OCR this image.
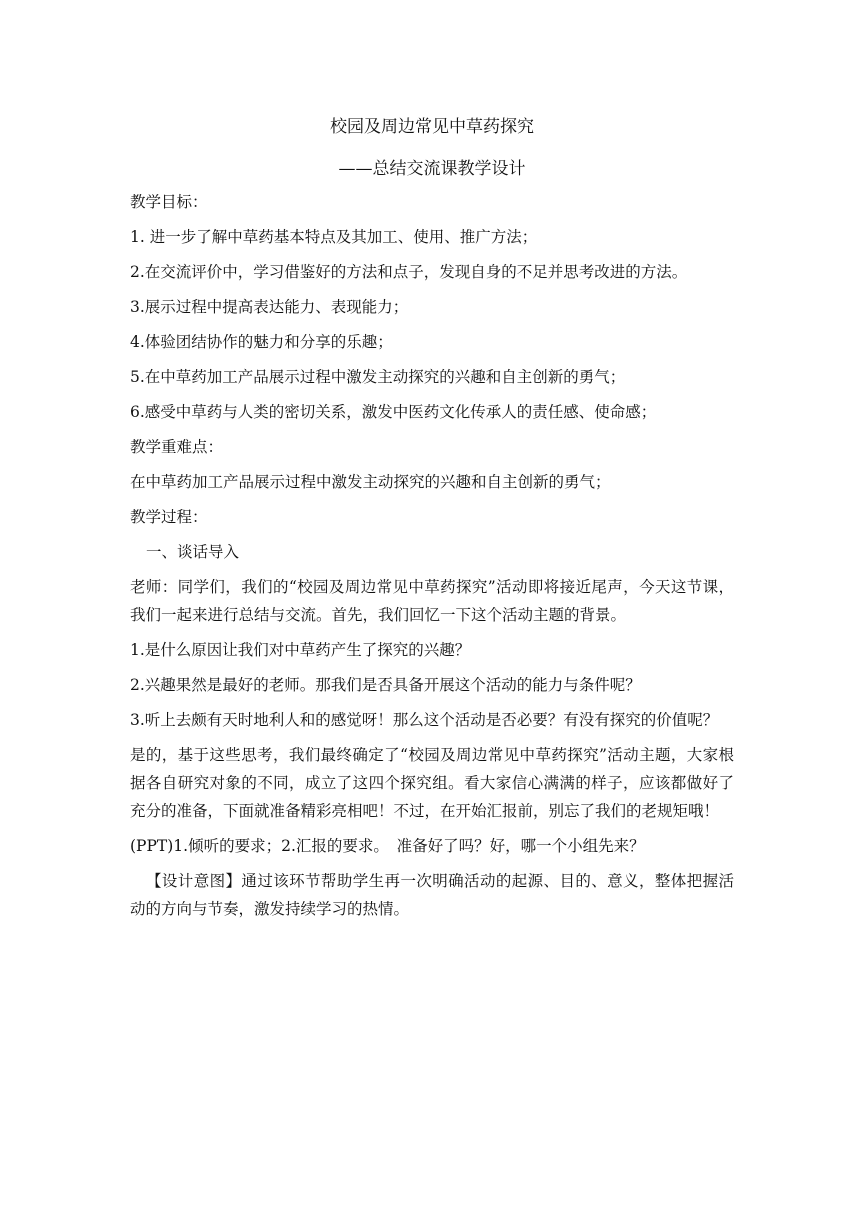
校园及周边常见中草药探究
——总结交流课教学设计

教学目标：

1. 进一步了解中草药基本特点及其加工、使用、推广方法；

2.在交流评价中，学习借鉴好的方法和点子，发现自身的不足并思考改进的方法。

3.展示过程中提高表达能力、表现能力；

4.体验团结协作的魅力和分享的乐趣；

5.在中草药加工产品展示过程中激发主动探究的兴趣和自主创新的勇气；

6.感受中草药与人类的密切关系，激发中医药文化传承人的责任感、使命感；

教学重难点：

在中草药加工产品展示过程中激发主动探究的兴趣和自主创新的勇气；

教学过程：

一、谈话导入

老师：同学们，我们的“校园及周边常见中草药探究”活动即将接近尾声，今天这节课，我们一起来进行总结与交流。首先，我们回忆一下这个活动主题的背景。

1.是什么原因让我们对中草药产生了探究的兴趣？

2.兴趣果然是最好的老师。那我们是否具备开展这个活动的能力与条件呢？

3.听上去颇有天时地利人和的感觉呀！那么这个活动是否必要？有没有探究的价值呢？

是的，基于这些思考，我们最终确定了“校园及周边常见中草药探究”活动主题，大家根据各自研究对象的不同，成立了这四个探究组。看大家信心满满的样子，应该都做好了充分的准备，下面就准备精彩亮相吧！不过，在开始汇报前，别忘了我们的老规矩哦！

(PPT)1.倾听的要求；2.汇报的要求。　准备好了吗？好，哪一个小组先来？

【设计意图】通过该环节帮助学生再一次明确活动的起源、目的、意义，整体把握活动的方向与节奏，激发持续学习的热情。
